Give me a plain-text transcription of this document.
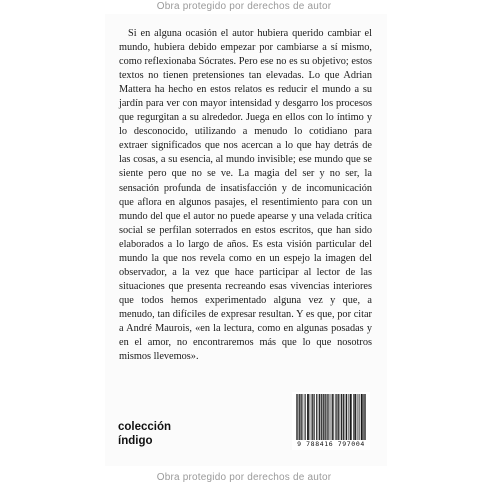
Obra protegido por derechos de autor

Si en alguna ocasión el autor hubiera querido cambiar el mundo, hubiera debido empezar por cambiarse a sí mismo, como reflexionaba Sócrates. Pero ese no es su objetivo; estos textos no tienen pretensiones tan elevadas. Lo que Adrian Mattera ha hecho en estos relatos es reducir el mundo a su jardín para ver con mayor intensidad y desgarro los procesos que regurgitan a su alrededor. Juega en ellos con lo íntimo y lo desconocido, utilizando a menudo lo cotidiano para extraer significados que nos acercan a lo que hay detrás de las cosas, a su esencia, al mundo invisible; ese mundo que se siente pero que no se ve. La magia del ser y no ser, la sensación profunda de insatisfacción y de incomunicación que aflora en algunos pasajes, el resentimiento para con un mundo del que el autor no puede apearse y una velada crítica social se perfilan soterrados en estos escritos, que han sido elaborados a lo largo de años. Es esta visión particular del mundo la que nos revela como en un espejo la imagen del observador, a la vez que hace participar al lector de las situaciones que presenta recreando esas vivencias interiores que todos hemos experimentado alguna vez y que, a menudo, tan difíciles de expresar resultan. Y es que, por citar a André Maurois, «en la lectura, como en algunas posadas y en el amor, no encontraremos más que lo que nosotros mismos llevemos».

colección
índigo	9 788416 797004
Obra protegido por derechos de autor
